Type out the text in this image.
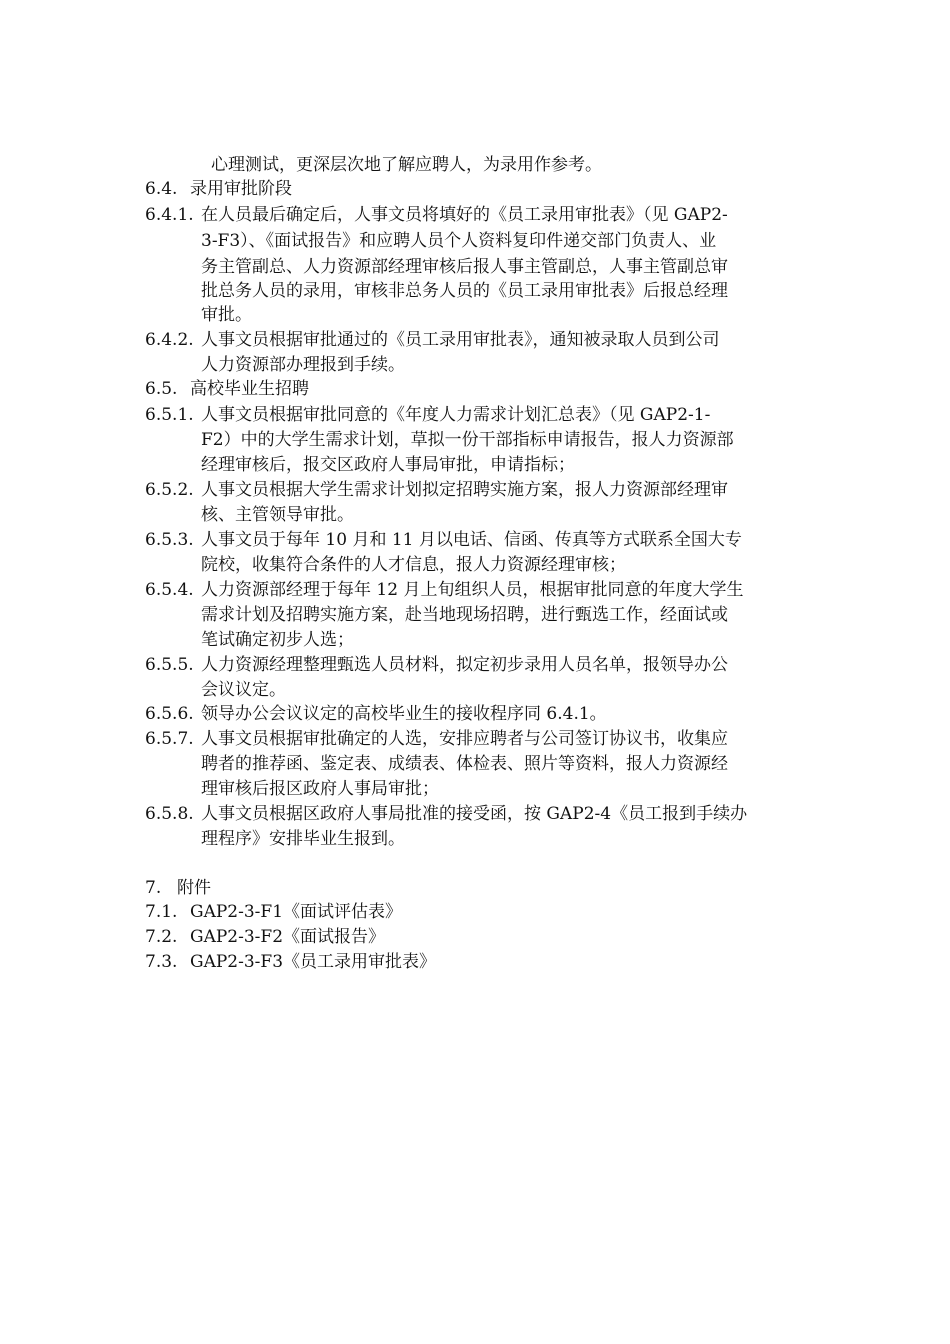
心理测试，更深层次地了解应聘人，为录用作参考。
6.4. 录用审批阶段
6.4.1. 在人员最后确定后，人事文员将填好的《员工录用审批表》（见 GAP2-
3-F3）、《面试报告》和应聘人员个人资料复印件递交部门负责人、业
务主管副总、人力资源部经理审核后报人事主管副总，人事主管副总审
批总务人员的录用，审核非总务人员的《员工录用审批表》后报总经理
审批。
6.4.2. 人事文员根据审批通过的《员工录用审批表》，通知被录取人员到公司
人力资源部办理报到手续。
6.5. 高校毕业生招聘
6.5.1. 人事文员根据审批同意的《年度人力需求计划汇总表》（见 GAP2-1-
F2）中的大学生需求计划，草拟一份干部指标申请报告，报人力资源部
经理审核后，报交区政府人事局审批，申请指标；
6.5.2. 人事文员根据大学生需求计划拟定招聘实施方案，报人力资源部经理审
核、主管领导审批。
6.5.3. 人事文员于每年 10 月和 11 月以电话、信函、传真等方式联系全国大专
院校，收集符合条件的人才信息，报人力资源经理审核；
6.5.4. 人力资源部经理于每年 12 月上旬组织人员，根据审批同意的年度大学生
需求计划及招聘实施方案，赴当地现场招聘，进行甄选工作，经面试或
笔试确定初步人选；
6.5.5. 人力资源经理整理甄选人员材料，拟定初步录用人员名单，报领导办公
会议议定。
6.5.6. 领导办公会议议定的高校毕业生的接收程序同 6.4.1。
6.5.7. 人事文员根据审批确定的人选，安排应聘者与公司签订协议书，收集应
聘者的推荐函、鉴定表、成绩表、体检表、照片等资料，报人力资源经
理审核后报区政府人事局审批；
6.5.8. 人事文员根据区政府人事局批准的接受函，按 GAP2-4《员工报到手续办
理程序》安排毕业生报到。
7. 附件
7.1. GAP2-3-F1《面试评估表》
7.2. GAP2-3-F2《面试报告》
7.3. GAP2-3-F3《员工录用审批表》
